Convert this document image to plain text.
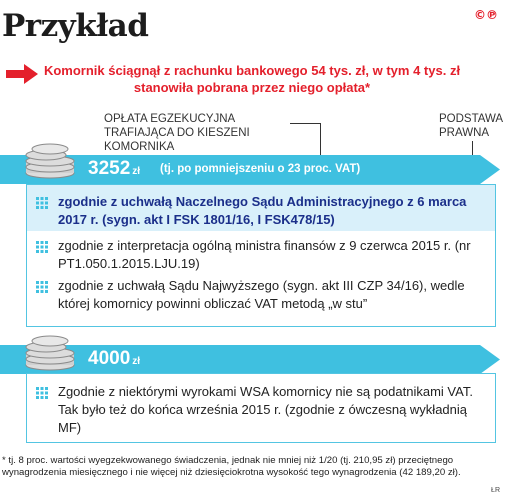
Przykład	©℗
Komornik ściągnął z rachunku bankowego 54 tys. zł, w tym 4 tys. zł stanowiła pobrana przez niego opłata*
OPŁATA EGZEKUCYJNA TRAFIAJĄCA DO KIESZENI KOMORNIKA
PODSTAWA PRAWNA
3252 zł (tj. po pomniejszeniu o 23 proc. VAT)
zgodnie z uchwałą Naczelnego Sądu Administracyjnego z 6 marca 2017 r. (sygn. akt I FSK 1801/16, I FSK478/15)
zgodnie z interpretacja ogólną ministra finansów z 9 czerwca 2015 r. (nr PT1.050.1.2015.LJU.19)
zgodnie z uchwałą Sądu Najwyższego (sygn. akt III CZP 34/16), wedle której komornicy powinni obliczać VAT metodą „w stu”
4000 zł
Zgodnie z niektórymi wyrokami WSA komornicy nie są podatnikami VAT. Tak było też do końca września 2015 r. (zgodnie z ówczesną wykładnią MF)
* tj. 8 proc. wartości wyegzekwowanego świadczenia, jednak nie mniej niż 1/20 (tj. 210,95 zł) przeciętnego wynagrodzenia miesięcznego i nie więcej niż dziesięciokrotna wysokość tego wynagrodzenia (42 189,20 zł).
ŁR
